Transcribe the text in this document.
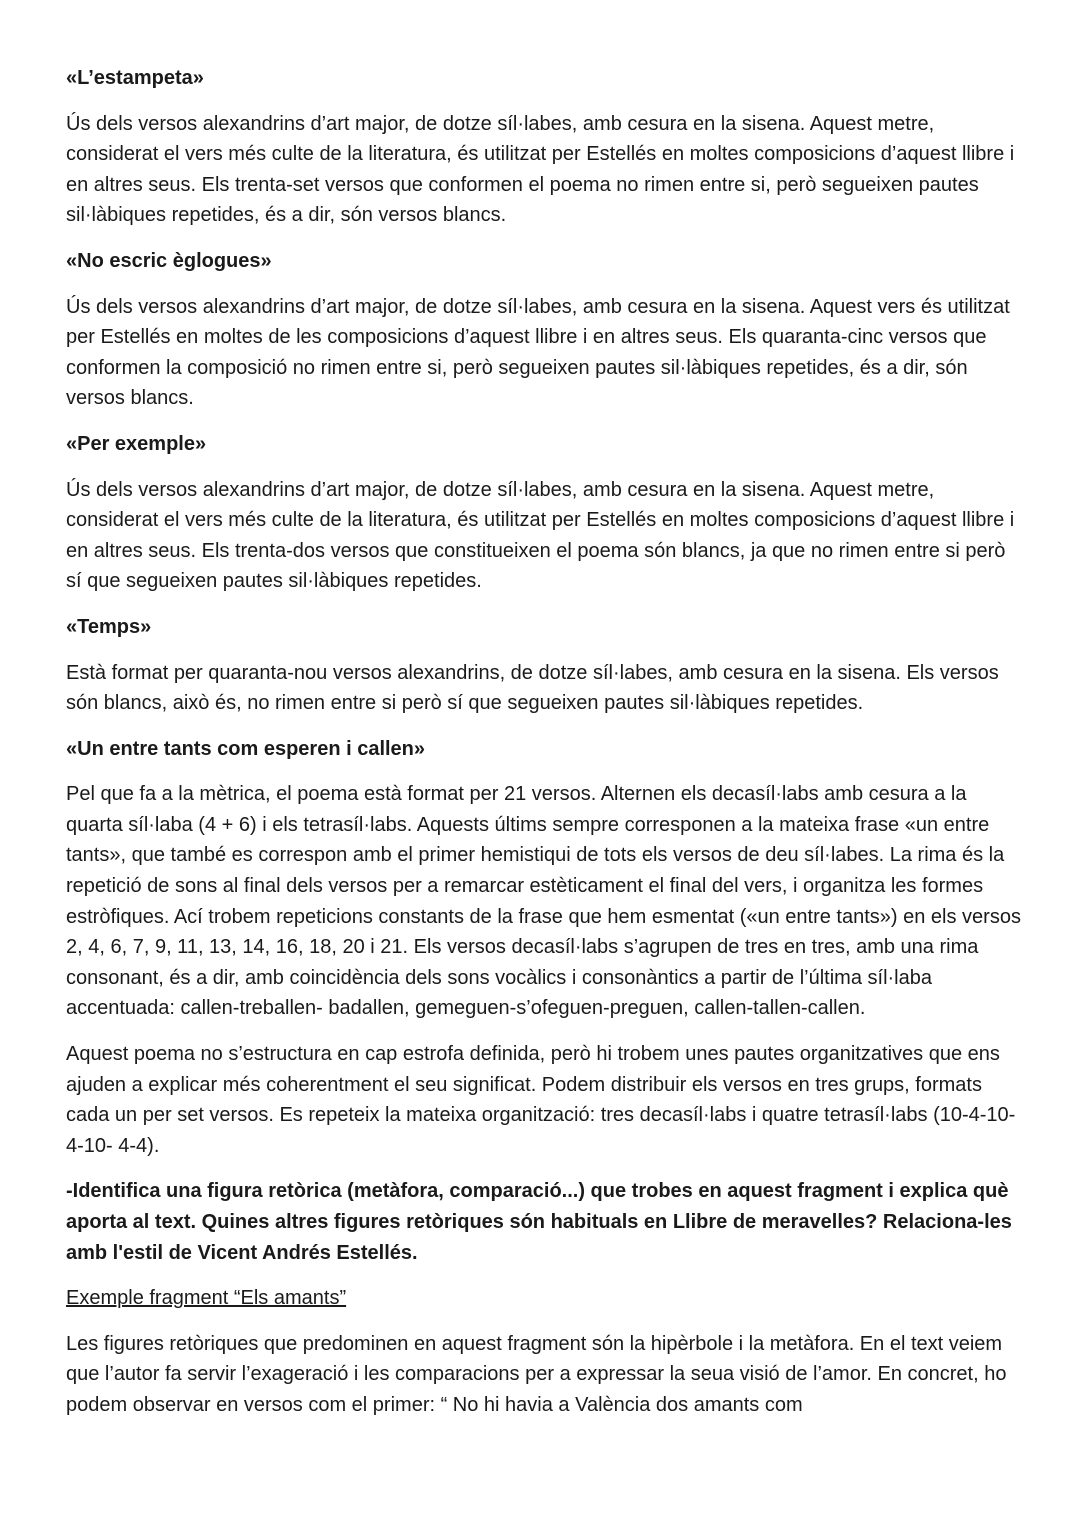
«L’estampeta»
Ús dels versos alexandrins d’art major, de dotze síl·labes, amb cesura en la sisena. Aquest metre, considerat el vers més culte de la literatura, és utilitzat per Estellés en moltes composicions d’aquest llibre i en altres seus. Els trenta-set versos que conformen el poema no rimen entre si, però segueixen pautes sil·làbiques repetides, és a dir, són versos blancs.
«No escric èglogues»
Ús dels versos alexandrins d’art major, de dotze síl·labes, amb cesura en la sisena. Aquest vers és utilitzat per Estellés en moltes de les composicions d’aquest llibre i en altres seus. Els quaranta-cinc versos que conformen la composició no rimen entre si, però segueixen pautes sil·làbiques repetides, és a dir, són versos blancs.
«Per exemple»
Ús dels versos alexandrins d’art major, de dotze síl·labes, amb cesura en la sisena. Aquest metre, considerat el vers més culte de la literatura, és utilitzat per Estellés en moltes composicions d’aquest llibre i en altres seus. Els trenta-dos versos que constitueixen el poema són blancs, ja que no rimen entre si però sí que segueixen pautes sil·làbiques repetides.
«Temps»
Està format per quaranta-nou versos alexandrins, de dotze síl·labes, amb cesura en la sisena. Els versos són blancs, això és, no rimen entre si però sí que segueixen pautes sil·làbiques repetides.
«Un entre tants com esperen i callen»
Pel que fa a la mètrica, el poema està format per 21 versos. Alternen els decasíl·labs amb cesura a la quarta síl·laba (4 + 6) i els tetrasíl·labs. Aquests últims sempre corresponen a la mateixa frase «un entre tants», que també es correspon amb el primer hemistiqui de tots els versos de deu síl·labes. La rima és la repetició de sons al final dels versos per a remarcar estèticament el final del vers, i organitza les formes estròfiques. Ací trobem repeticions constants de la frase que hem esmentat («un entre tants») en els versos 2, 4, 6, 7, 9, 11, 13, 14, 16, 18, 20 i 21. Els versos decasíl·labs s’agrupen de tres en tres, amb una rima consonant, és a dir, amb coincidència dels sons vocàlics i consonàntics a partir de l’última síl·laba accentuada: callen-treballen- badallen, gemeguen-s’ofeguen-preguen, callen-tallen-callen.
Aquest poema no s’estructura en cap estrofa definida, però hi trobem unes pautes organitzatives que ens ajuden a explicar més coherentment el seu significat. Podem distribuir els versos en tres grups, formats cada un per set versos. Es repeteix la mateixa organització: tres decasíl·labs i quatre tetrasíl·labs (10-4-10-4-10- 4-4).
-Identifica una figura retòrica (metàfora, comparació...) que trobes en aquest fragment i explica què aporta al text. Quines altres figures retòriques són habituals en Llibre de meravelles? Relaciona-les amb l'estil de Vicent Andrés Estellés.
Exemple fragment “Els amants”
Les figures retòriques que predominen en aquest fragment són la hipèrbole i la metàfora. En el text veiem que l’autor fa servir l’exageració i les comparacions per a expressar la seua visió de l’amor. En concret, ho podem observar en versos com el primer: “ No hi havia a València dos amants com
